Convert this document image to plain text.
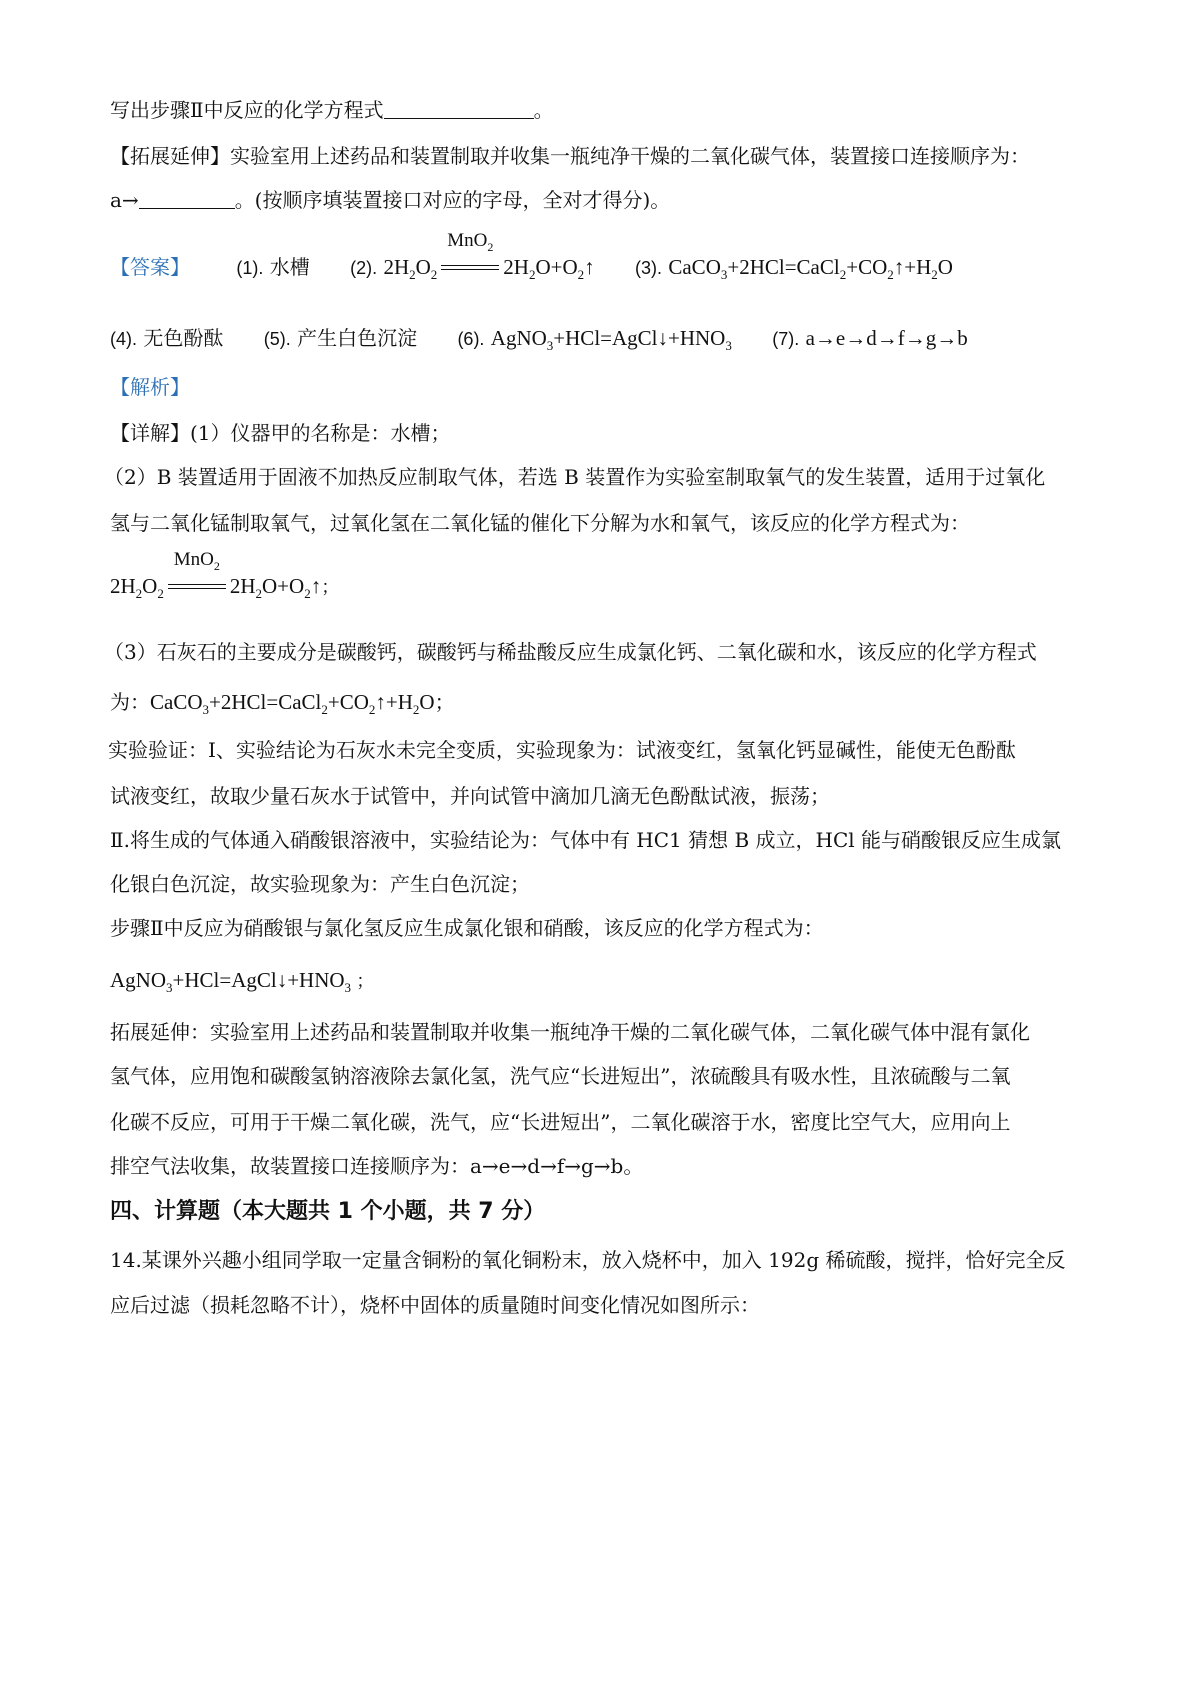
写出步骤Ⅱ中反应的化学方程式	。
【拓展延伸】实验室用上述药品和装置制取并收集一瓶纯净干燥的二氧化碳气体，装置接口连接顺序为：
a→	。(按顺序填装置接口对应的字母，全对才得分)。
【答案】	(1). 水槽 (2). $2H_2O_2$
MnO$_2$
$2H_2O+O_2↑$ (3). $CaCO_3+2HCl=CaCl_2+CO_2↑+H_2O$
(4). 无色酚酞 (5). 产生白色沉淀 (6). $AgNO_3+HCl=AgCl↓+HNO_3$ (7). a→e→d→f→g→b
【解析】
【详解】(1）仪器甲的名称是：水槽；
（2）B 装置适用于固液不加热反应制取气体，若选 B 装置作为实验室制取氧气的发生装置，适用于过氧化
氢与二氧化锰制取氧气，过氧化氢在二氧化锰的催化下分解为水和氧气，该反应的化学方程式为：
$2H_2O_2$
MnO$_2$
$2H_2O+O_2↑$；
（3）石灰石的主要成分是碳酸钙，碳酸钙与稀盐酸反应生成氯化钙、二氧化碳和水，该反应的化学方程式
为：$CaCO_3+2HCl=CaCl_2+CO_2↑+H_2O$；
实验验证：Ⅰ、实验结论为石灰水未完全变质，实验现象为：试液变红，氢氧化钙显碱性，能使无色酚酞
试液变红，故取少量石灰水于试管中，并向试管中滴加几滴无色酚酞试液，振荡；
Ⅱ.将生成的气体通入硝酸银溶液中，实验结论为：气体中有 HC1 猜想 B 成立，HCl 能与硝酸银反应生成氯
化银白色沉淀，故实验现象为：产生白色沉淀；
步骤Ⅱ中反应为硝酸银与氯化氢反应生成氯化银和硝酸，该反应的化学方程式为：
$AgNO_3+HCl=AgCl↓+HNO_3$ ；
拓展延伸：实验室用上述药品和装置制取并收集一瓶纯净干燥的二氧化碳气体，二氧化碳气体中混有氯化
氢气体，应用饱和碳酸氢钠溶液除去氯化氢，洗气应“长进短出”，浓硫酸具有吸水性，且浓硫酸与二氧
化碳不反应，可用于干燥二氧化碳，洗气，应“长进短出”，二氧化碳溶于水，密度比空气大，应用向上
排空气法收集，故装置接口连接顺序为：a→e→d→f→g→b。
四、计算题（本大题共 1 个小题，共 7 分）
14.某课外兴趣小组同学取一定量含铜粉的氧化铜粉末，放入烧杯中，加入 192g 稀硫酸，搅拌，恰好完全反
应后过滤（损耗忽略不计），烧杯中固体的质量随时间变化情况如图所示：
